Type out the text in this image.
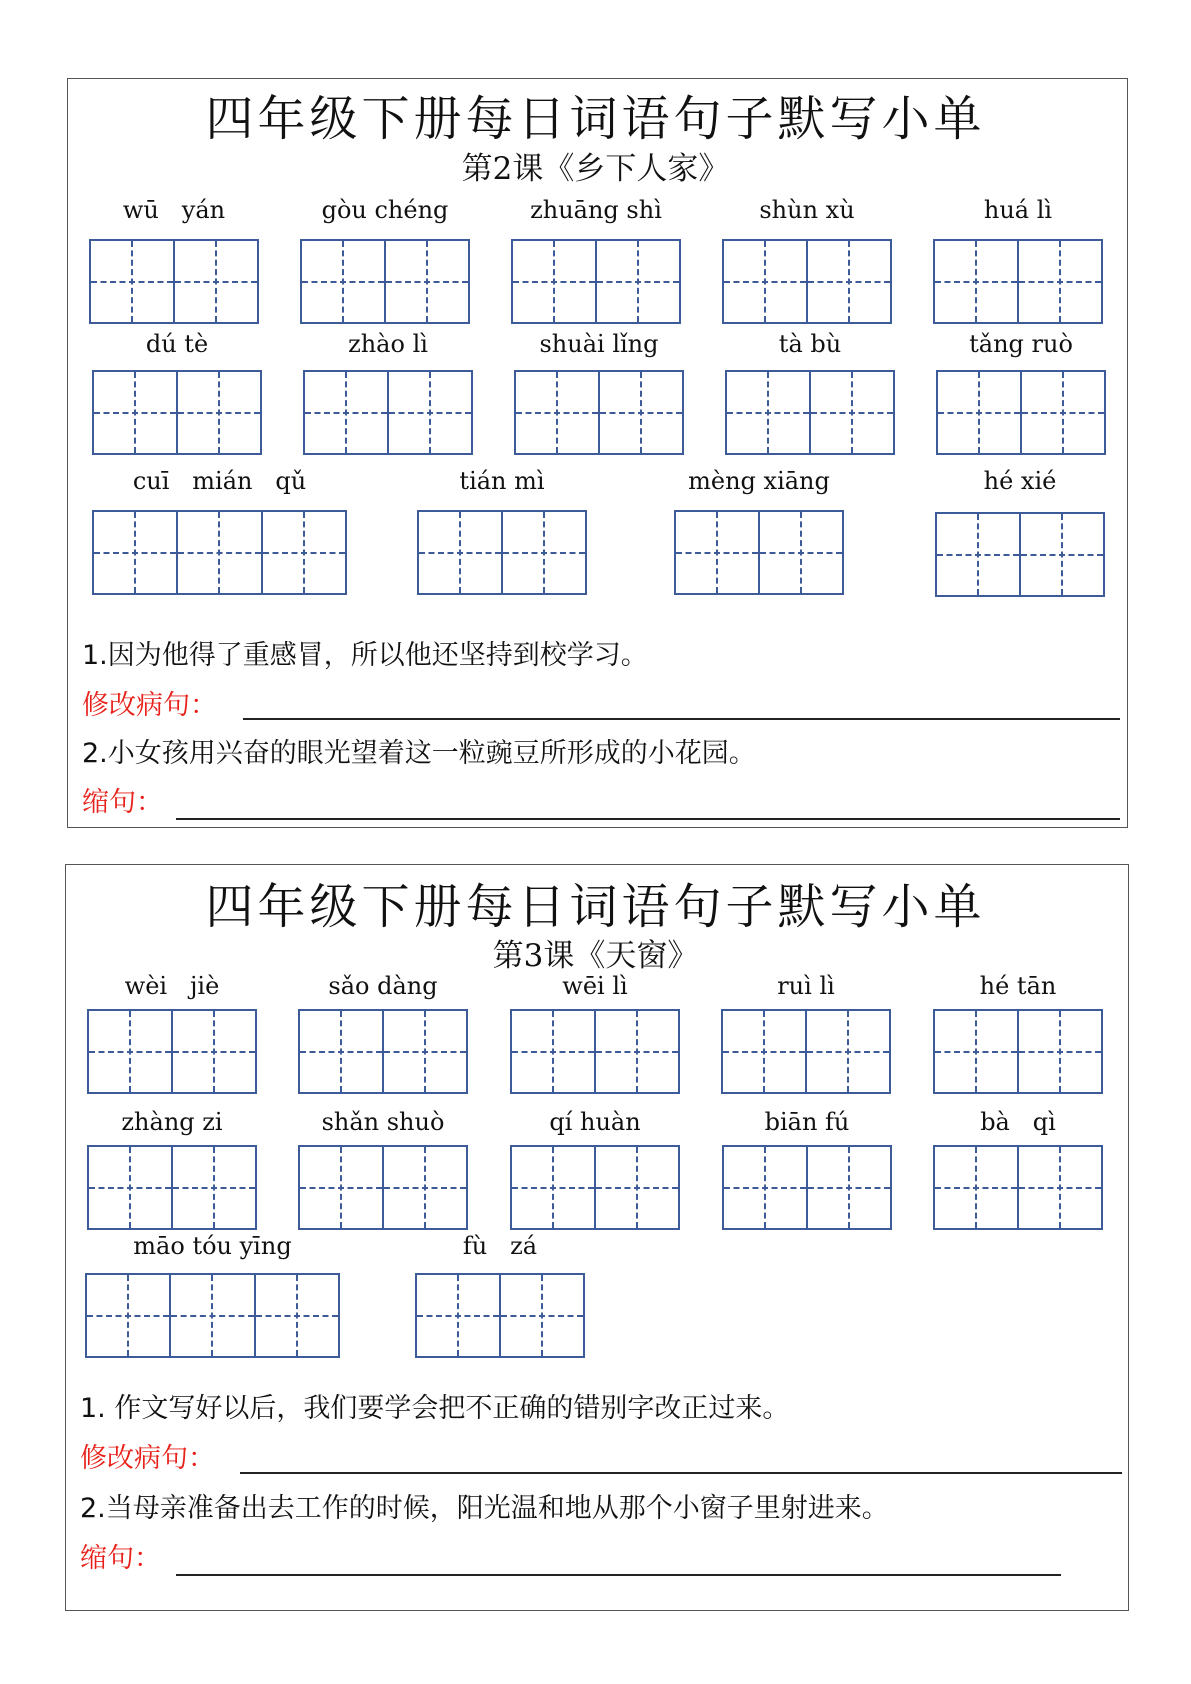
四年级下册每日词语句子默写小单
第2课《乡下人家》
wū   yán	gòu chéng	zhuāng shì	shùn xù	huá lì
dú tè	zhào lì	shuài lǐng	tà bù	tǎng ruò
cuī   mián   qǔ	tián mì	mèng xiāng	hé xié
1.因为他得了重感冒，所以他还坚持到校学习。
修改病句：
2.小女孩用兴奋的眼光望着这一粒豌豆所形成的小花园。
缩句：
四年级下册每日词语句子默写小单
第3课《天窗》
wèi   jiè	sǎo dàng	wēi lì	ruì lì	hé tān
zhàng zi	shǎn shuò	qí huàn	biān fú	bà   qì
māo tóu yīng	fù   zá
1. 作文写好以后，我们要学会把不正确的错别字改正过来。
修改病句：
2.当母亲准备出去工作的时候，阳光温和地从那个小窗子里射进来。
缩句：
